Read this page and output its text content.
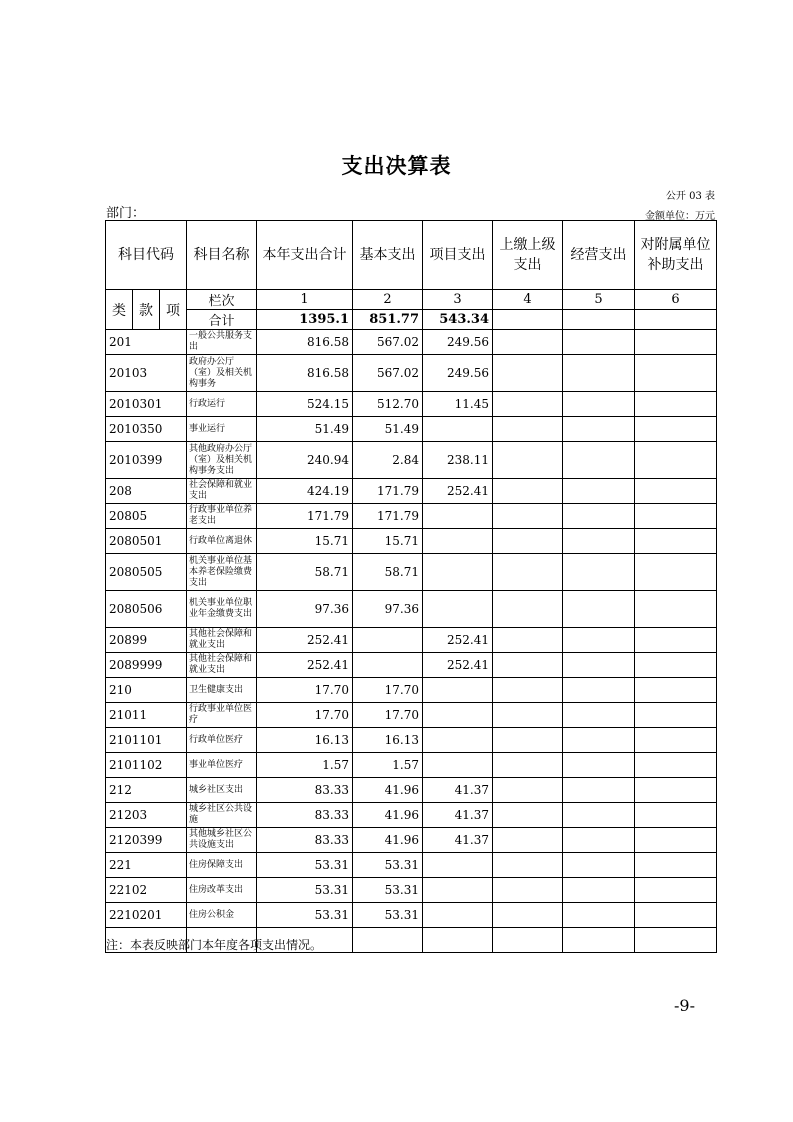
支出决算表
公开 03 表
部门：	金额单位：万元
科目代码			科目名称	本年支出合计	基本支出	项目支出	上缴上级支出	经营支出	对附属单位补助支出
类	款	项	栏次	1	2	3	4	5	6
			合计	1395.1	851.77	543.34			
201			一般公共服务支出	816.58	567.02	249.56			
20103			政府办公厅（室）及相关机构事务	816.58	567.02	249.56			
2010301			行政运行	524.15	512.70	11.45			
2010350			事业运行	51.49	51.49				
2010399			其他政府办公厅（室）及相关机构事务支出	240.94	2.84	238.11			
208			社会保障和就业支出	424.19	171.79	252.41			
20805			行政事业单位养老支出	171.79	171.79				
2080501			行政单位离退休	15.71	15.71				
2080505			机关事业单位基本养老保险缴费支出	58.71	58.71				
2080506			机关事业单位职业年金缴费支出	97.36	97.36				
20899			其他社会保障和就业支出	252.41		252.41			
2089999			其他社会保障和就业支出	252.41		252.41			
210			卫生健康支出	17.70	17.70				
21011			行政事业单位医疗	17.70	17.70				
2101101			行政单位医疗	16.13	16.13				
2101102			事业单位医疗	1.57	1.57				
212			城乡社区支出	83.33	41.96	41.37			
21203			城乡社区公共设施	83.33	41.96	41.37			
2120399			其他城乡社区公共设施支出	83.33	41.96	41.37			
221			住房保障支出	53.31	53.31				
22102			住房改革支出	53.31	53.31				
2210201			住房公积金	53.31	53.31				

注：本表反映部门本年度各项支出情况。
-9-
